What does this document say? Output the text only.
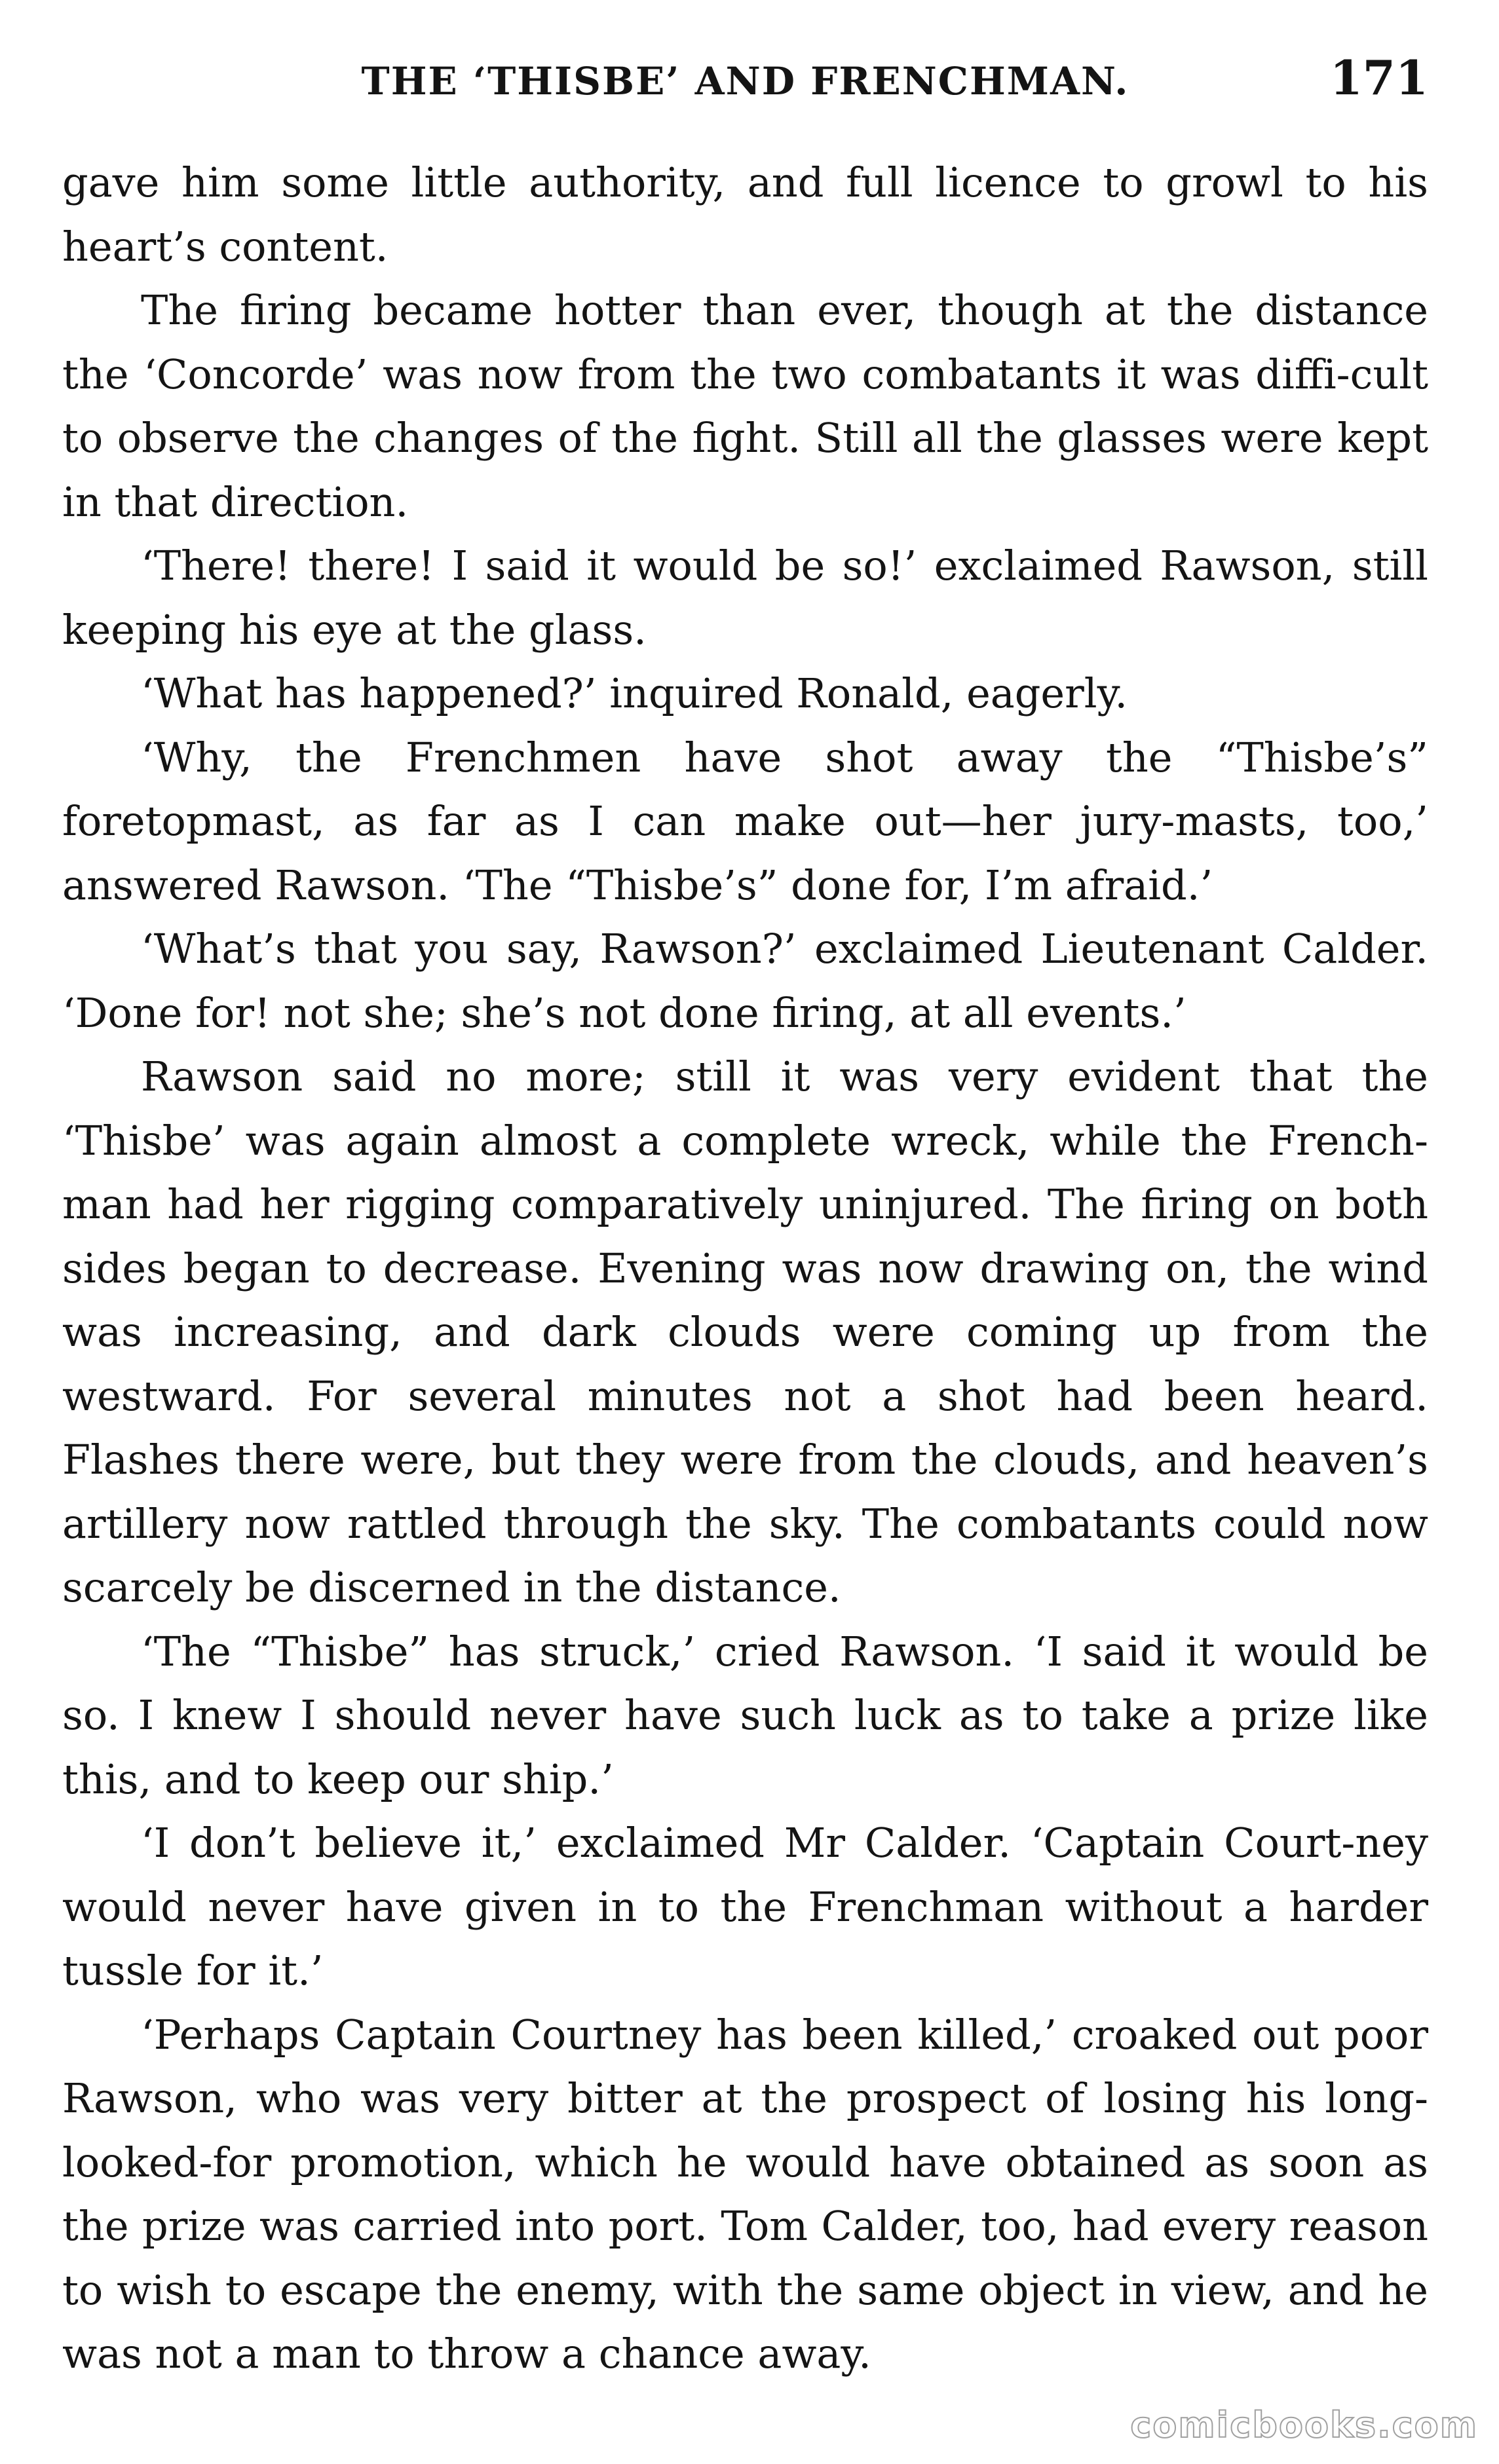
THE ‘THISBE’ AND FRENCHMAN.	171

gave him some little authority, and full licence to growl to his heart’s content.

The firing became hotter than ever, though at the distance the ‘Concorde’ was now from the two combatants it was diffi-cult to observe the changes of the fight. Still all the glasses were kept in that direction.

‘There! there! I said it would be so!’ exclaimed Rawson, still keeping his eye at the glass.

‘What has happened?’ inquired Ronald, eagerly.

‘Why, the Frenchmen have shot away the “Thisbe’s” foretopmast, as far as I can make out—her jury-masts, too,’ answered Rawson. ‘The “Thisbe’s” done for, I’m afraid.’

‘What’s that you say, Rawson?’ exclaimed Lieutenant Calder. ‘Done for! not she; she’s not done firing, at all events.’

Rawson said no more; still it was very evident that the ‘Thisbe’ was again almost a complete wreck, while the French-man had her rigging comparatively uninjured. The firing on both sides began to decrease. Evening was now drawing on, the wind was increasing, and dark clouds were coming up from the westward. For several minutes not a shot had been heard. Flashes there were, but they were from the clouds, and heaven’s artillery now rattled through the sky. The combatants could now scarcely be discerned in the distance.

‘The “Thisbe” has struck,’ cried Rawson. ‘I said it would be so. I knew I should never have such luck as to take a prize like this, and to keep our ship.’

‘I don’t believe it,’ exclaimed Mr Calder. ‘Captain Court-ney would never have given in to the Frenchman without a harder tussle for it.’

‘Perhaps Captain Courtney has been killed,’ croaked out poor Rawson, who was very bitter at the prospect of losing his long-looked-for promotion, which he would have obtained as soon as the prize was carried into port. Tom Calder, too, had every reason to wish to escape the enemy, with the same object in view, and he was not a man to throw a chance away.

comicbooks.com
